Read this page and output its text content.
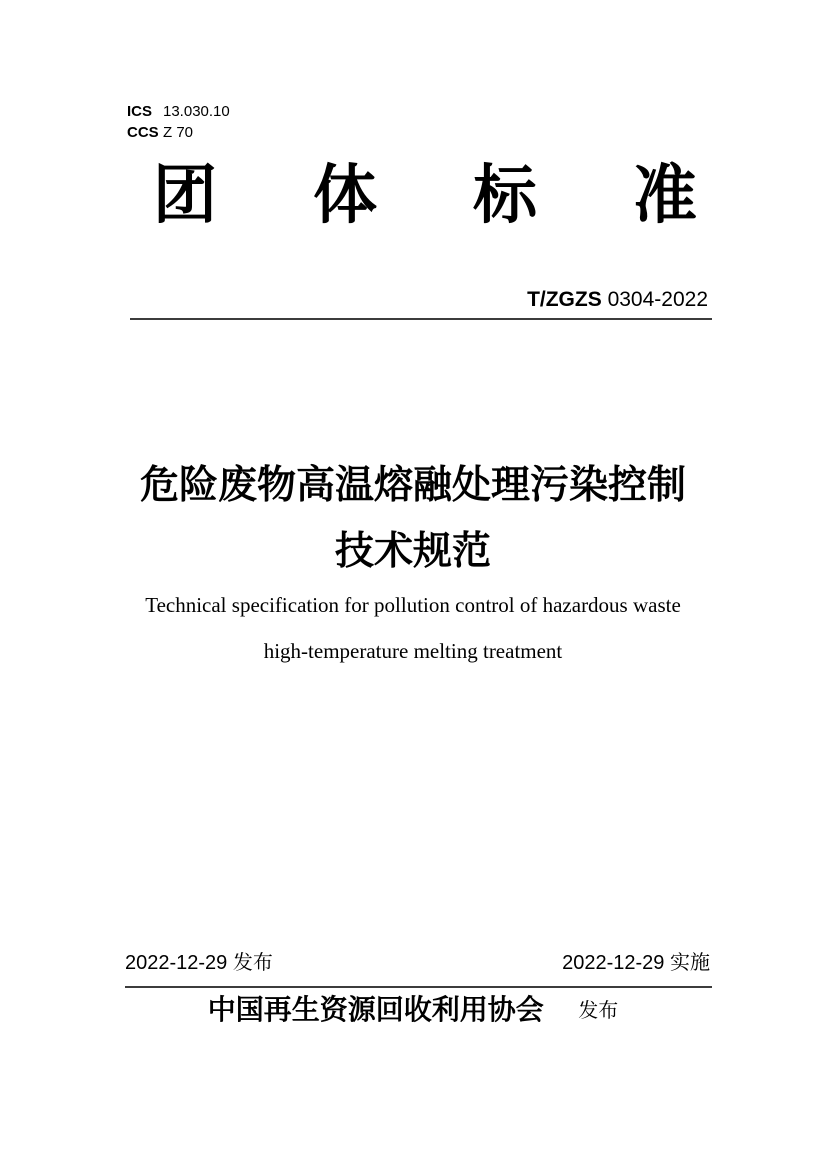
ICS 13.030.10
CCS Z 70
团体标准
T/ZGZS 0304-2022
危险废物高温熔融处理污染控制
技术规范
Technical specification for pollution control of hazardous waste
high-temperature melting treatment
2022-12-29 发布	2022-12-29 实施
中国再生资源回收利用协会 发布
